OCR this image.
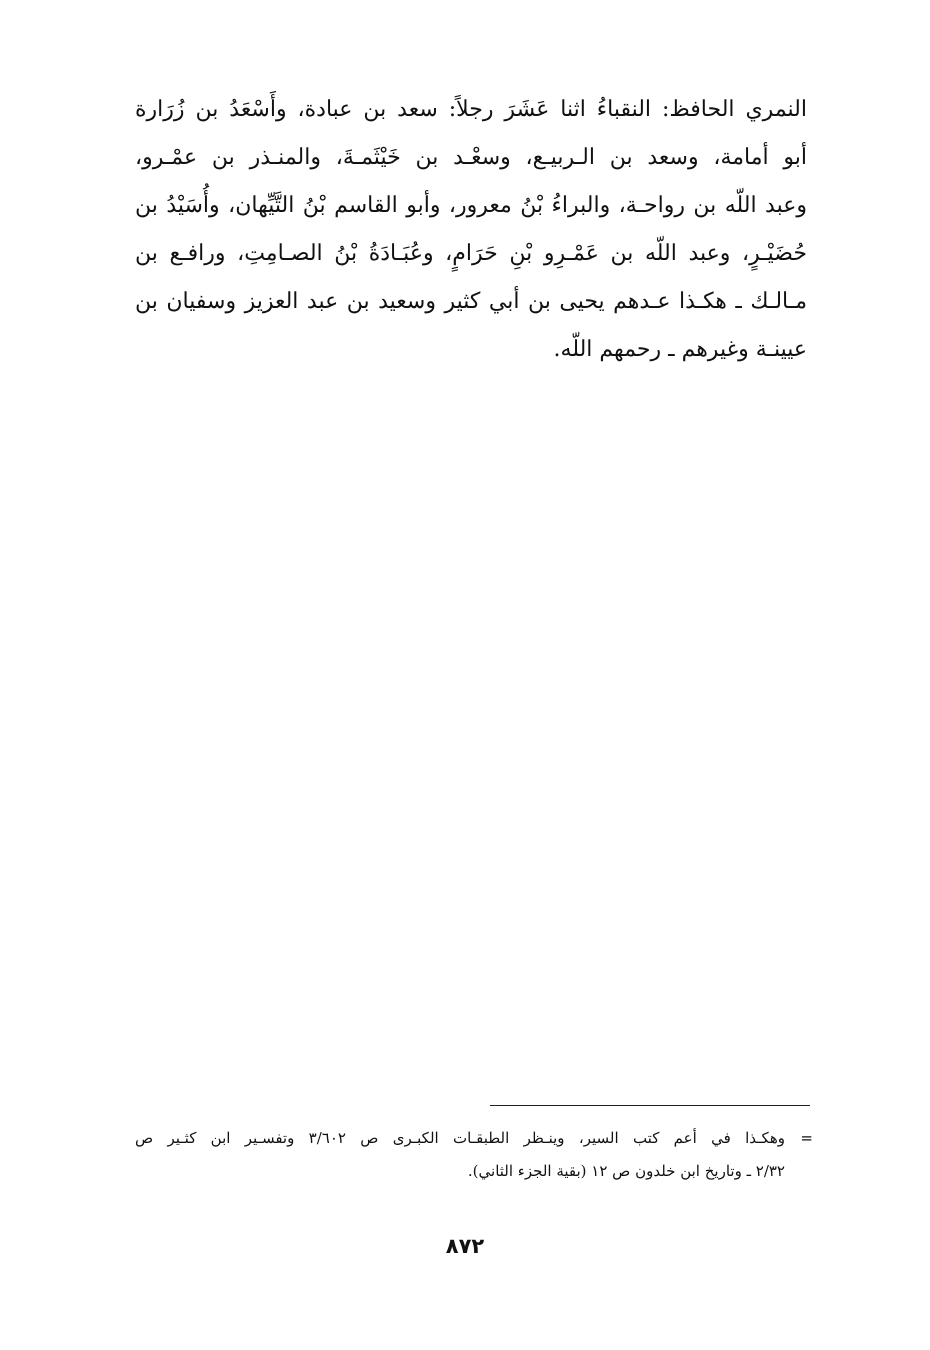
النمري الحافظ: النقباءُ اثنا عَشَرَ رجلاً: سعد بن عبادة، وأَسْعَدُ بن زُرَارة
أبو أمامة، وسعد بن الـربيـع، وسعْـد بن خَيْثَمـةَ، والمنـذر بن عمْـرو،
وعبد اللّه بن رواحـة، والبراءُ بْنُ معرور، وأبو القاسم بْنُ التَّيِّهان، وأُسَيْدُ بن
حُضَيْـرٍ، وعبد اللّه بن عَمْـرِو بْنِ حَرَامٍ، وعُبَـادَةُ بْنُ الصـامِتِ، ورافـع بن
مـالـك ـ هكـذا عـدهم يحيى بن أبي كثير وسعيد بن عبد العزيز وسفيان بن
عيينـة وغيرهم ـ رحمهم اللّه.
=
وهكـذا في أعم كتب السير، وينـظر الطبقـات الكبـرى ص ٣/٦٠٢ وتفسـير ابن كثـير ص
٢/٣٢ ـ وتاريخ ابن خلدون ص ١٢ (بقية الجزء الثاني).
٨٧٢
